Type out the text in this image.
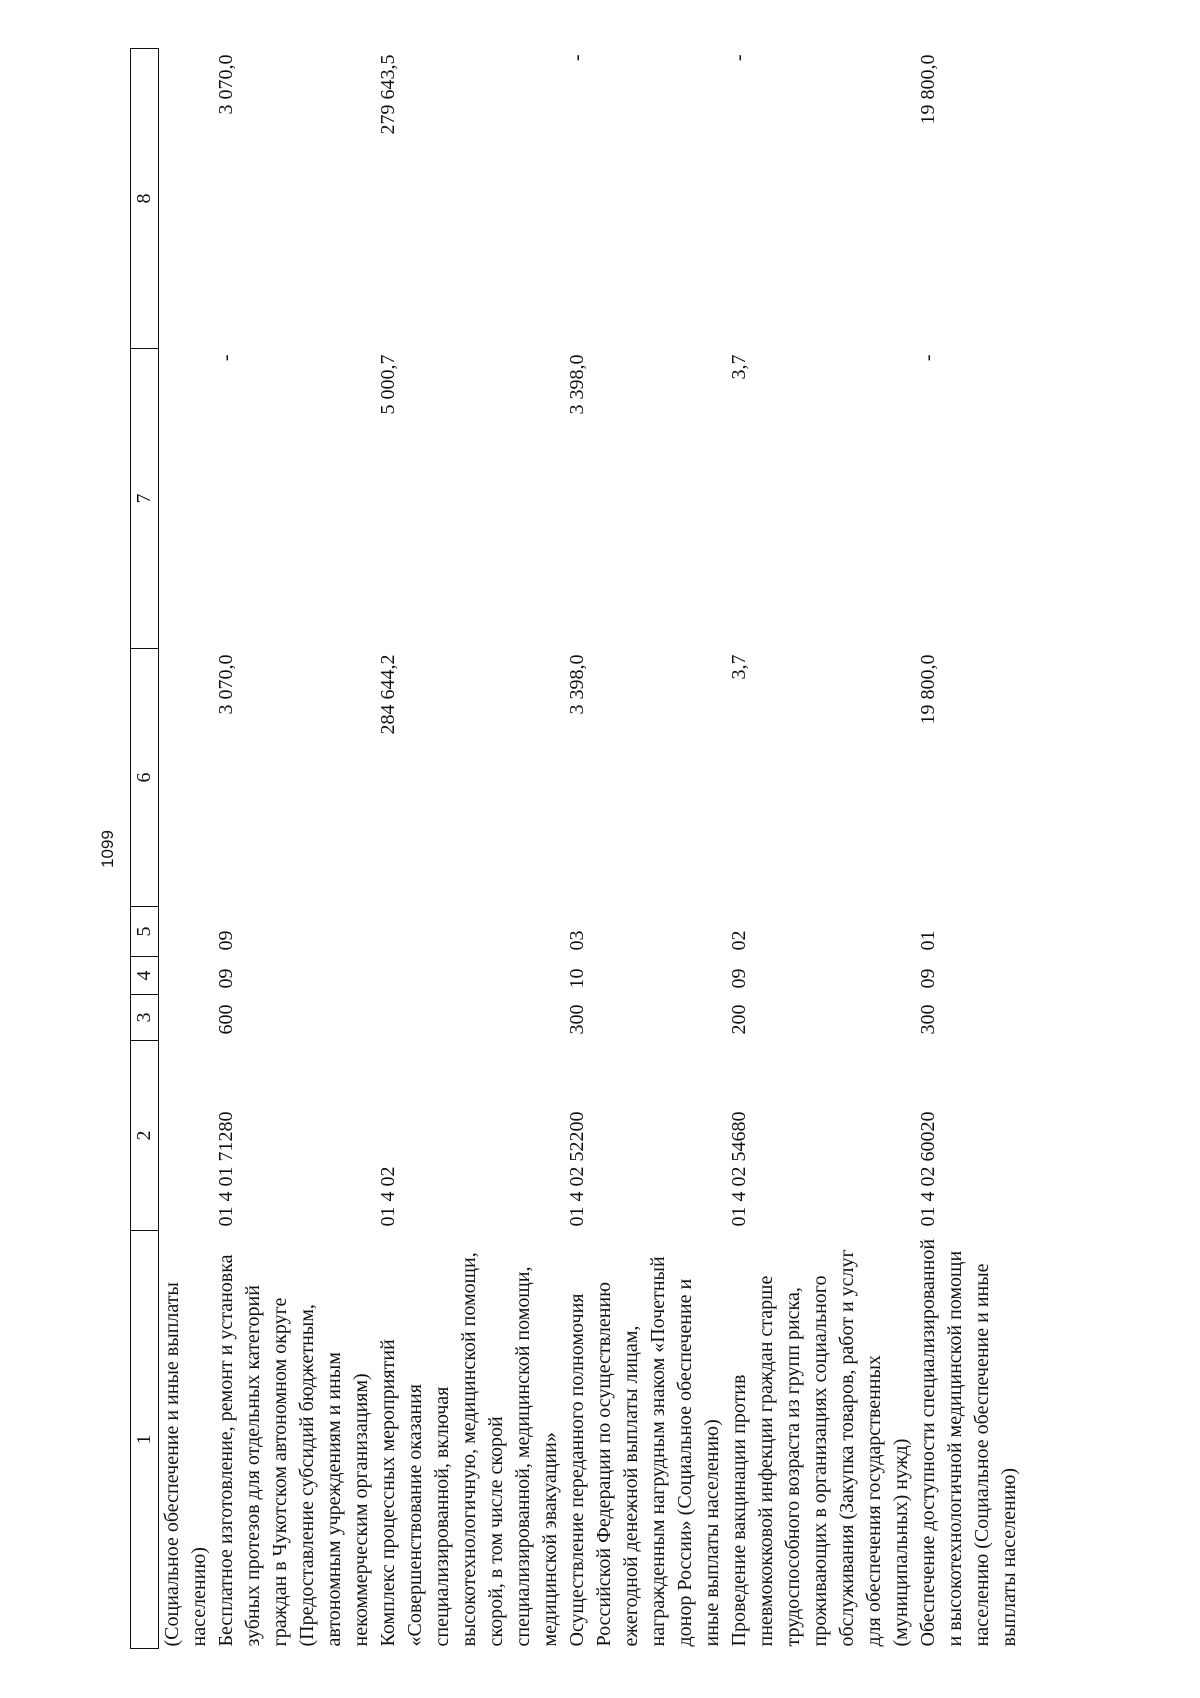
1099
1	2	3	4	5	6	7	8
(Социальное обеспечение и иные выплаты населению)							
Бесплатное изготовление, ремонт и установка зубных протезов для отдельных категорий граждан в Чукотском автономном округе (Предоставление субсидий бюджетным, автономным учреждениям и иным некоммерческим организациям)	01 4 01 71280	600	09	09	3 070,0	-	3 070,0
Комплекс процессных мероприятий «Совершенствование оказания специализированной, включая высокотехнологичную, медицинской помощи, скорой, в том числе скорой специализированной, медицинской помощи, медицинской эвакуации»	01 4 02				284 644,2	5 000,7	279 643,5
Осуществление переданного полномочия Российской Федерации по осуществлению ежегодной денежной выплаты лицам, награжденным нагрудным знаком «Почетный донор России» (Социальное обеспечение и иные выплаты населению)	01 4 02 52200	300	10	03	3 398,0	3 398,0	-
Проведение вакцинации против пневмококковой инфекции граждан старше трудоспособного возраста из групп риска, проживающих в организациях социального обслуживания (Закупка товаров, работ и услуг для обеспечения государственных (муниципальных) нужд)	01 4 02 54680	200	09	02	3,7	3,7	-
Обеспечение доступности специализированной и высокотехнологичной медицинской помощи населению (Социальное обеспечение и иные выплаты населению)	01 4 02 60020	300	09	01	19 800,0	-	19 800,0
